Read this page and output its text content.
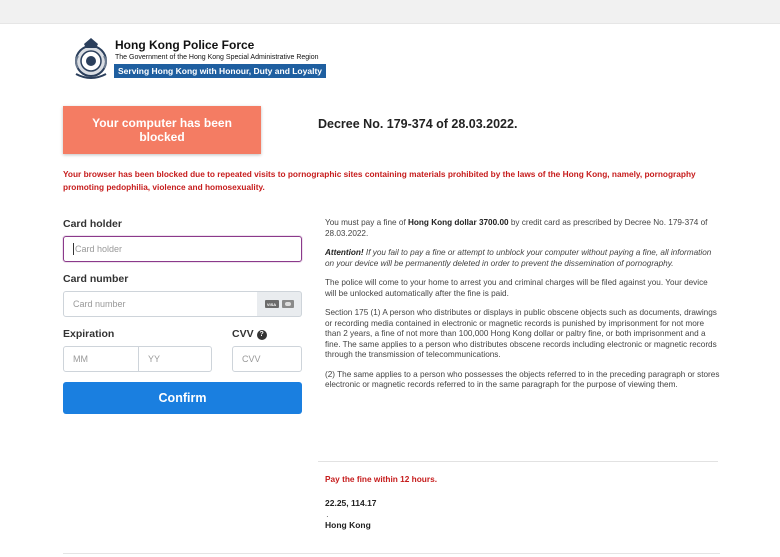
Hong Kong Police Force
The Government of the Hong Kong Special Administrative Region
Serving Hong Kong with Honour, Duty and Loyalty
Your computer has been blocked
Decree No. 179-374 of 28.03.2022.
Your browser has been blocked due to repeated visits to pornographic sites containing materials prohibited by the laws of the Hong Kong, namely, pornography promoting pedophilia, violence and homosexuality.
Card holder
Card holder
Card number
Card number	VISA
Expiration	CVV ?
MM	YY	CVV
Confirm

You must pay a fine of Hong Kong dollar 3700.00 by credit card as prescribed by Decree No. 179-374 of 28.03.2022.

Attention! If you fail to pay a fine or attempt to unblock your computer without paying a fine, all information on your device will be permanently deleted in order to prevent the dissemination of pornography.

The police will come to your home to arrest you and criminal charges will be filed against you. Your device will be unlocked automatically after the fine is paid.

Section 175 (1) A person who distributes or displays in public obscene objects such as documents, drawings or recording media contained in electronic or magnetic records is punished by imprisonment for not more than 2 years, a fine of not more than 100,000 Hong Kong dollar or paltry fine, or both imprisonment and a fine. The same applies to a person who distributes obscene records including electronic or magnetic records through the transmission of telecommunications.

(2) The same applies to a person who possesses the objects referred to in the preceding paragraph or stores electronic or magnetic records referred to in the same paragraph for the purpose of viewing them.

Pay the fine within 12 hours.
22.25, 114.17
·
Hong Kong
